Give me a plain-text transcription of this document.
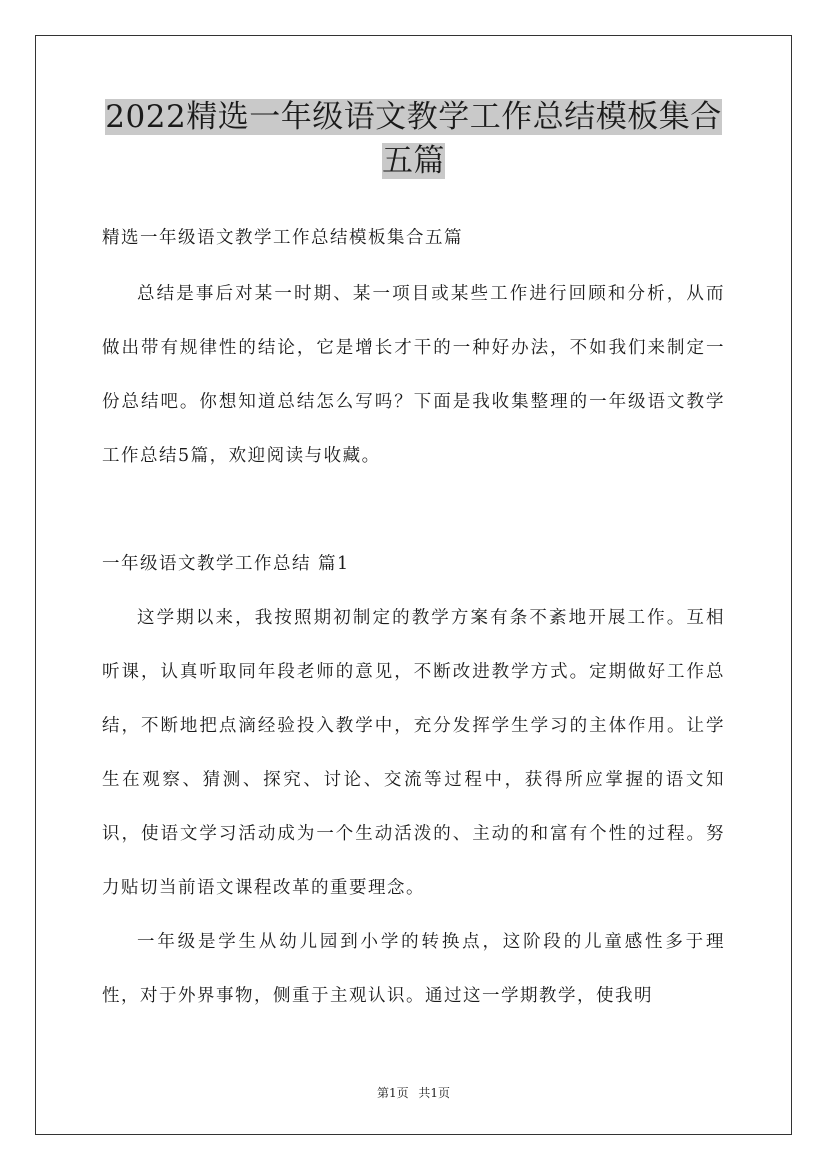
2022精选一年级语文教学工作总结模板集合五篇

精选一年级语文教学工作总结模板集合五篇

总结是事后对某一时期、某一项目或某些工作进行回顾和分析，从而做出带有规律性的结论，它是增长才干的一种好办法，不如我们来制定一份总结吧。你想知道总结怎么写吗？下面是我收集整理的一年级语文教学工作总结5篇，欢迎阅读与收藏。

一年级语文教学工作总结 篇1

这学期以来，我按照期初制定的教学方案有条不紊地开展工作。互相听课，认真听取同年段老师的意见，不断改进教学方式。定期做好工作总结，不断地把点滴经验投入教学中，充分发挥学生学习的主体作用。让学生在观察、猜测、探究、讨论、交流等过程中，获得所应掌握的语文知识，使语文学习活动成为一个生动活泼的、主动的和富有个性的过程。努力贴切当前语文课程改革的重要理念。

一年级是学生从幼儿园到小学的转换点，这阶段的儿童感性多于理性，对于外界事物，侧重于主观认识。通过这一学期教学，使我明

第1页 共1页
